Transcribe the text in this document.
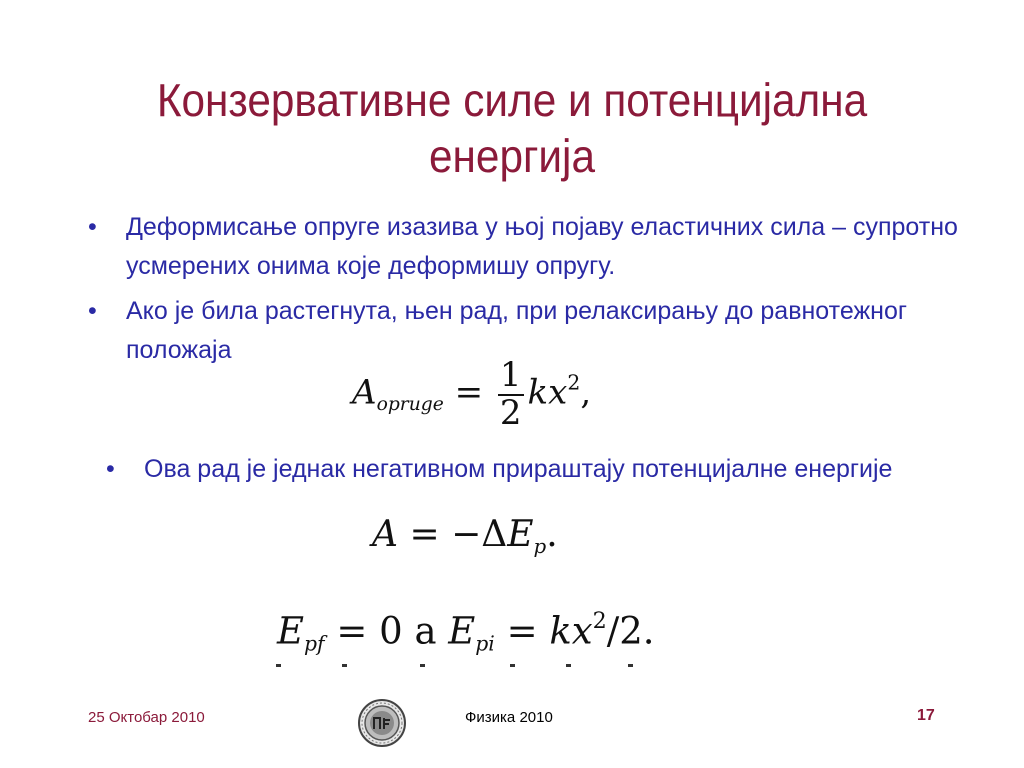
Конзервативне силе и потенцијална енергија
• Деформисање опруге изазива у њој појаву еластичних сила – супротно усмерених онима које деформишу опругу.
• Ако је била растегнута, њен рад, при релаксирању до равнотежног положаја
$A_{opruge} = \frac{1}{2} kx^2$,
• Ова рад је једнак негативном прираштају потенцијалне енергије
$A = -\Delta E_p$.
$E_{pf} = 0$ a $E_{pi} = kx^2/2$.
25 Октобар 2010	Физика 2010	17
